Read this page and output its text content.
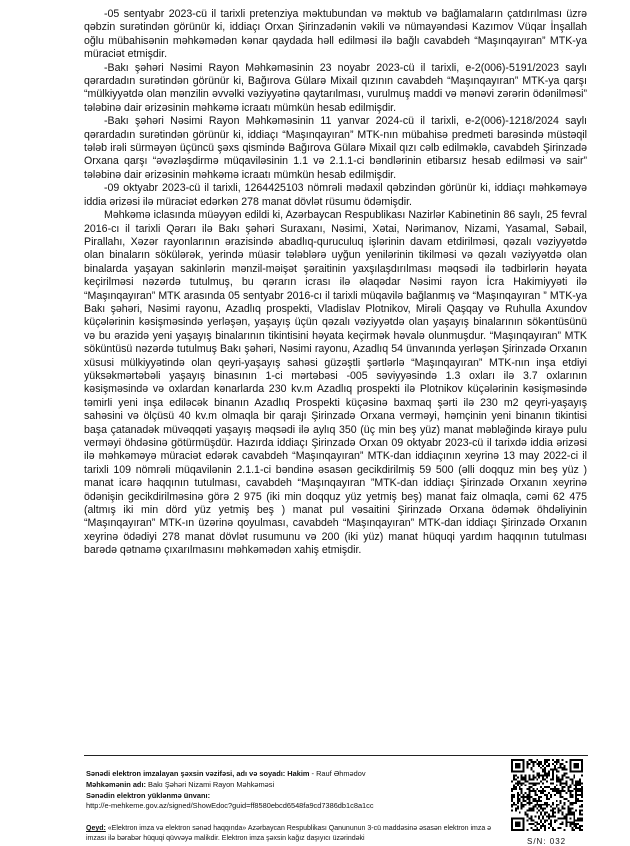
-05 sentyabr 2023-cü il tarixli pretenziya məktubundan və məktub və bağlamaların çatdırılması üzrə qəbzin surətindən görünür ki, iddiaçı Orxan Şirinzadənin vəkili və nümayəndəsi Kazımov Vüqar İnşallah oğlu mübahisənin məhkəmədən kənar qaydada həll edilməsi ilə bağlı cavabdeh “Maşınqayıran” MTK-ya müraciət etmişdir.

-Bakı şəhəri Nəsimi Rayon Məhkəməsinin 23 noyabr 2023-cü il tarixli, e-2(006)-5191/2023 saylı qərardadın surətindən görünür ki, Bağırova Gülarə Mixail qızının cavabdeh “Maşınqayıran” MTK-ya qarşı “mülkiyyətdə olan mənzilin əvvəlki vəziyyətinə qaytarılması, vurulmuş maddi və mənəvi zərərin ödənilməsi” tələbinə dair ərizəsinin məhkəmə icraatı mümkün hesab edilmişdir.

-Bakı şəhəri Nəsimi Rayon Məhkəməsinin 11 yanvar 2024-cü il tarixli, e-2(006)-1218/2024 saylı qərardadın surətindən görünür ki, iddiaçı “Maşınqayıran” MTK-nın mübahisə predmeti barəsində müstəqil tələb irəli sürməyən üçüncü şəxs qismində Bağırova Gülarə Mixail qızı cəlb edilməklə, cavabdeh Şirinzadə Orxana qarşı “əvəzləşdirmə müqaviləsinin 1.1 və 2.1.1-ci bəndlərinin etibarsız hesab edilməsi və sair” tələbinə dair ərizəsinin məhkəmə icraatı mümkün hesab edilmişdir.

-09 oktyabr 2023-cü il tarixli, 1264425103 nömrəli mədaxil qəbzindən görünür ki, iddiaçı məhkəməyə iddia ərizəsi ilə müraciət edərkən 278 manat dövlət rüsumu ödəmişdir.

Məhkəmə iclasında müəyyən edildi ki, Azərbaycan Respublikası Nazirlər Kabinetinin 86 saylı, 25 fevral 2016-cı il tarixli Qərarı ilə Bakı şəhəri Suraxanı, Nəsimi, Xətai, Nərimanov, Nizami, Yasamal, Səbail, Pirallahı, Xəzər rayonlarının ərazisində abadlıq-quruculuq işlərinin davam etdirilməsi, qəzalı vəziyyətdə olan binaların sökülərək, yerində müasir tələblərə uyğun yenilərinin tikilməsi və qəzalı vəziyyətdə olan binalarda yaşayan sakinlərin mənzil-məişət şəraitinin yaxşılaşdırılması məqsədi ilə tədbirlərin həyata keçirilməsi nəzərdə tutulmuş, bu qərarın icrası ilə əlaqədar Nəsimi rayon İcra Hakimiyyəti ilə “Maşınqayıran” MTK arasında 05 sentyabr 2016-cı il tarixli müqavilə bağlanmış və “Maşınqayıran ” MTK-ya Bakı şəhəri, Nəsimi rayonu, Azadlıq prospekti, Vladislav Plotnikov, Mirəli Qaşqay və Ruhulla Axundov küçələrinin kəsişməsində yerləşən, yaşayış üçün qəzalı vəziyyətdə olan yaşayış binalarının sökəntüsünü və bu ərazidə yeni yaşayış binalarının tikintisini həyata keçirmək həvalə olunmuşdur. “Maşınqayıran” MTK söküntüsü nəzərdə tutulmuş Bakı şəhəri, Nəsimi rayonu, Azadlıq 54 ünvanında yerləşən Şirinzadə Orxanın xüsusi mülkiyyətində olan qeyri-yaşayış sahəsi güzəştli şərtlərlə “Maşınqayıran” MTK-nın inşa etdiyi yüksəkmərtəbəli yaşayış binasının 1-ci mərtəbəsi -005 səviyyəsində 1.3 oxları ilə 3.7 oxlarının kəsişməsində və oxlardan kənarlarda 230 kv.m Azadlıq prospekti ilə Plotnikov küçələrinin kəsişməsində təmirli yeni inşa ediləcək binanın Azadlıq Prospekti küçəsinə baxmaq şərti ilə 230 m2 qeyri-yaşayış sahəsini və ölçüsü 40 kv.m olmaqla bir qarajı Şirinzadə Orxana verməyi, həmçinin yeni binanın tikintisi başa çatanadək müvəqqəti yaşayış məqsədi ilə aylıq 350 (üç min beş yüz) manat məbləğində kirayə pulu verməyi öhdəsinə götürmüşdür. Hazırda iddiaçı Şirinzadə Orxan 09 oktyabr 2023-cü il tarixdə iddia ərizəsi ilə məhkəməyə müraciət edərək cavabdeh “Maşınqayıran” MTK-dan iddiaçının xeyrinə 13 may 2022-ci il tarixli 109 nömrəli müqavilənin 2.1.1-ci bəndinə əsasən gecikdirilmiş 59 500 (əlli doqquz min beş yüz ) manat icarə haqqının tutulması, cavabdeh “Maşınqayıran ”MTK-dan iddiaçı Şirinzadə Orxanın xeyrinə ödənişin gecikdirilməsinə görə 2 975 (iki min doqquz yüz yetmiş beş) manat faiz olmaqla, cəmi 62 475 (altmış iki min dörd yüz yetmiş beş ) manat pul vəsaitini Şirinzadə Orxana ödəmək öhdəliyinin “Maşınqayıran” MTK-ın üzərinə qoyulması, cavabdeh “Maşınqayıran” MTK-dan iddiaçı Şirinzadə Orxanın xeyrinə ödədiyi 278 manat dövlət rusumunu və 200 (iki yüz) manat hüquqi yardım haqqının tutulması barədə qətnamə çıxarılmasını məhkəmədən xahiş etmişdir.

Sənədi elektron imzalayan şəxsin vəzifəsi, adı və soyadı: Hakim - Rauf Əhmədov
Məhkəmənin adı: Bakı Şəhəri Nizami Rayon Məhkəməsi
Sənədin elektron yüklənmə ünvanı:
http://e-mehkeme.gov.az/signed/ShowEdoc?guid=ff8580ebcd6548fa9cd7386db1c8a1cc
Qeyd: «Elektron imza və elektron sənəd haqqında» Azərbaycan Respublikası Qanununun 3-cü maddəsinə əsasən elektron imza ə imzası ilə bərabər hüquqi qüvvəyə malikdir. Elektron imza şəxsin kağız daşıyıcı üzərindəki	S/N: 032
